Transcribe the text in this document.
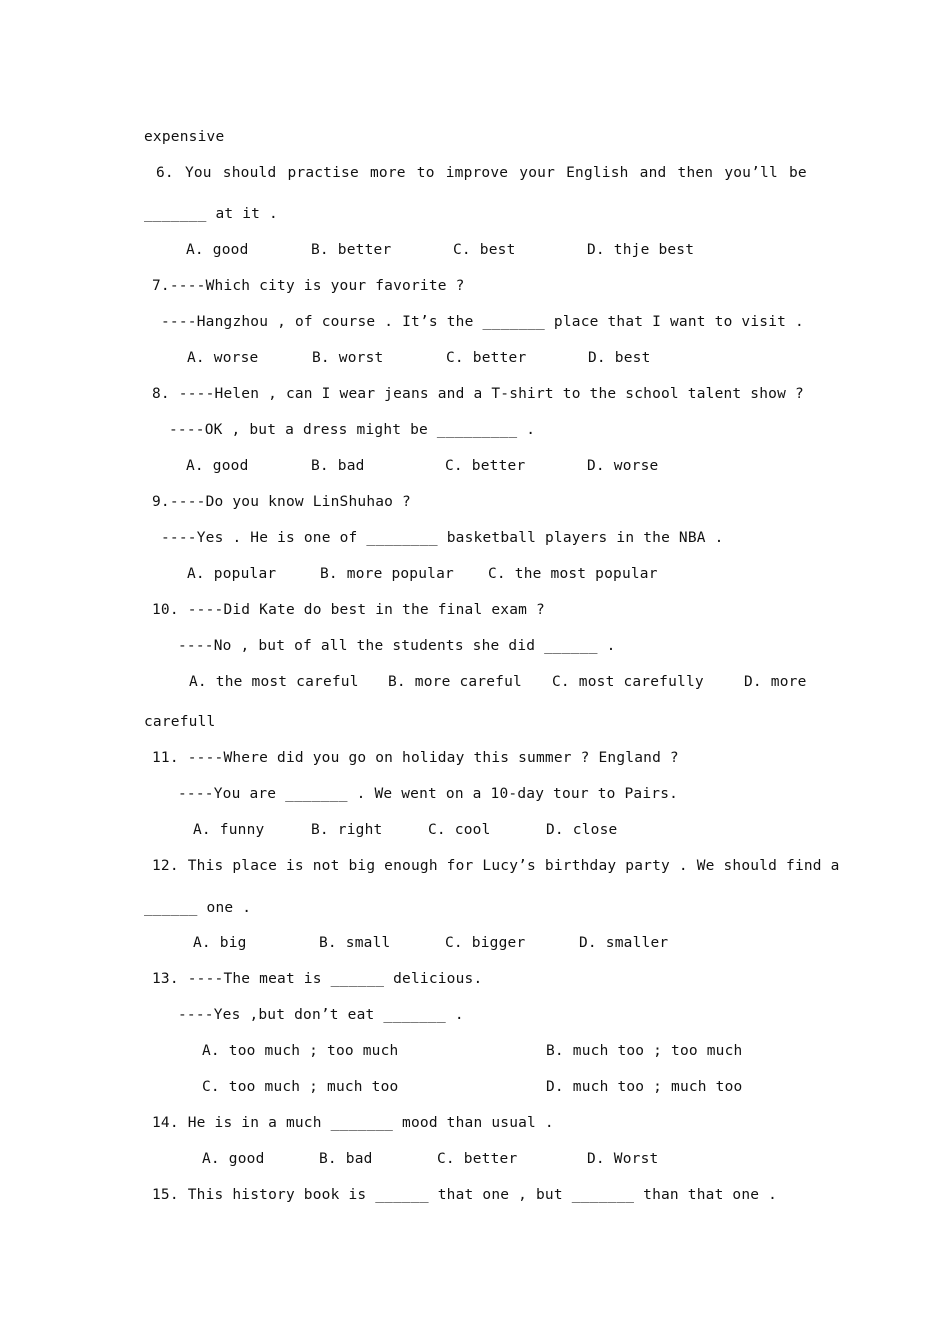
expensive
6. You should practise more to improve your English and then you’ll be
_______ at it .
A. good	B. better	C. best	D. thje best
7.----Which city is your favorite ?
----Hangzhou , of course . It’s the _______ place that I want to visit .
A. worse	B. worst	C. better	D. best
8. ----Helen , can I wear jeans and a T-shirt to the school talent show ?
----OK , but a dress might be _________ .
A. good	B. bad	C. better	D. worse
9.----Do you know LinShuhao ?
----Yes . He is one of ________ basketball players in the NBA .
A. popular	B. more popular C. the most popular
10. ----Did Kate do best in the final exam ?
----No , but of all the students she did ______ .
A. the most careful B. more careful C. most carefully	D. more
carefull
11. ----Where did you go on holiday this summer ? England ?
----You are _______ . We went on a 10-day tour to Pairs.
A. funny	B. right	C. cool	D. close
12. This place is not big enough for Lucy’s birthday party . We should find a
______ one .
A. big	B. small	C. bigger	D. smaller
13. ----The meat is ______ delicious.
----Yes ,but don’t eat _______ .
A. too much ; too much	B. much too ; too much
C. too much ; much too	D. much too ; much too
14. He is in a much _______ mood than usual .
A. good	B. bad	C. better	D. Worst
15. This history book is ______ that one , but _______ than that one .
